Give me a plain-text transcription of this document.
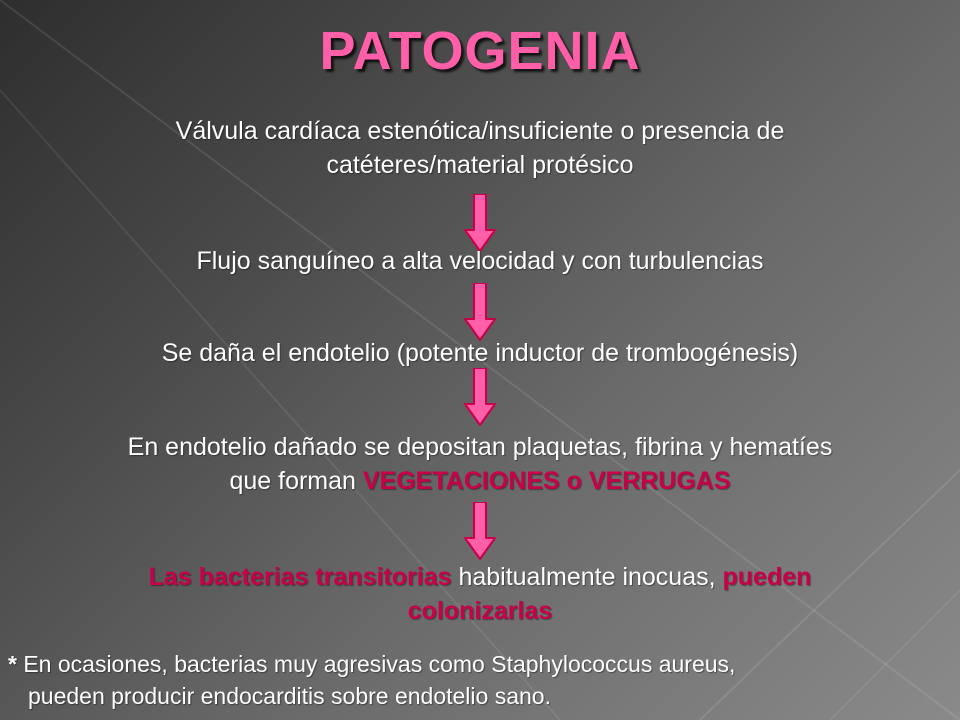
PATOGENIA
Válvula cardíaca estenótica/insuficiente o presencia de
catéteres/material protésico
Flujo sanguíneo a alta velocidad y con turbulencias
Se daña el endotelio (potente inductor de trombogénesis)
En endotelio dañado se depositan plaquetas, fibrina y hematíes
que forman VEGETACIONES o VERRUGAS
Las bacterias transitorias habitualmente inocuas, pueden
colonizarlas
* En ocasiones, bacterias muy agresivas como Staphylococcus aureus,
pueden producir endocarditis sobre endotelio sano.
